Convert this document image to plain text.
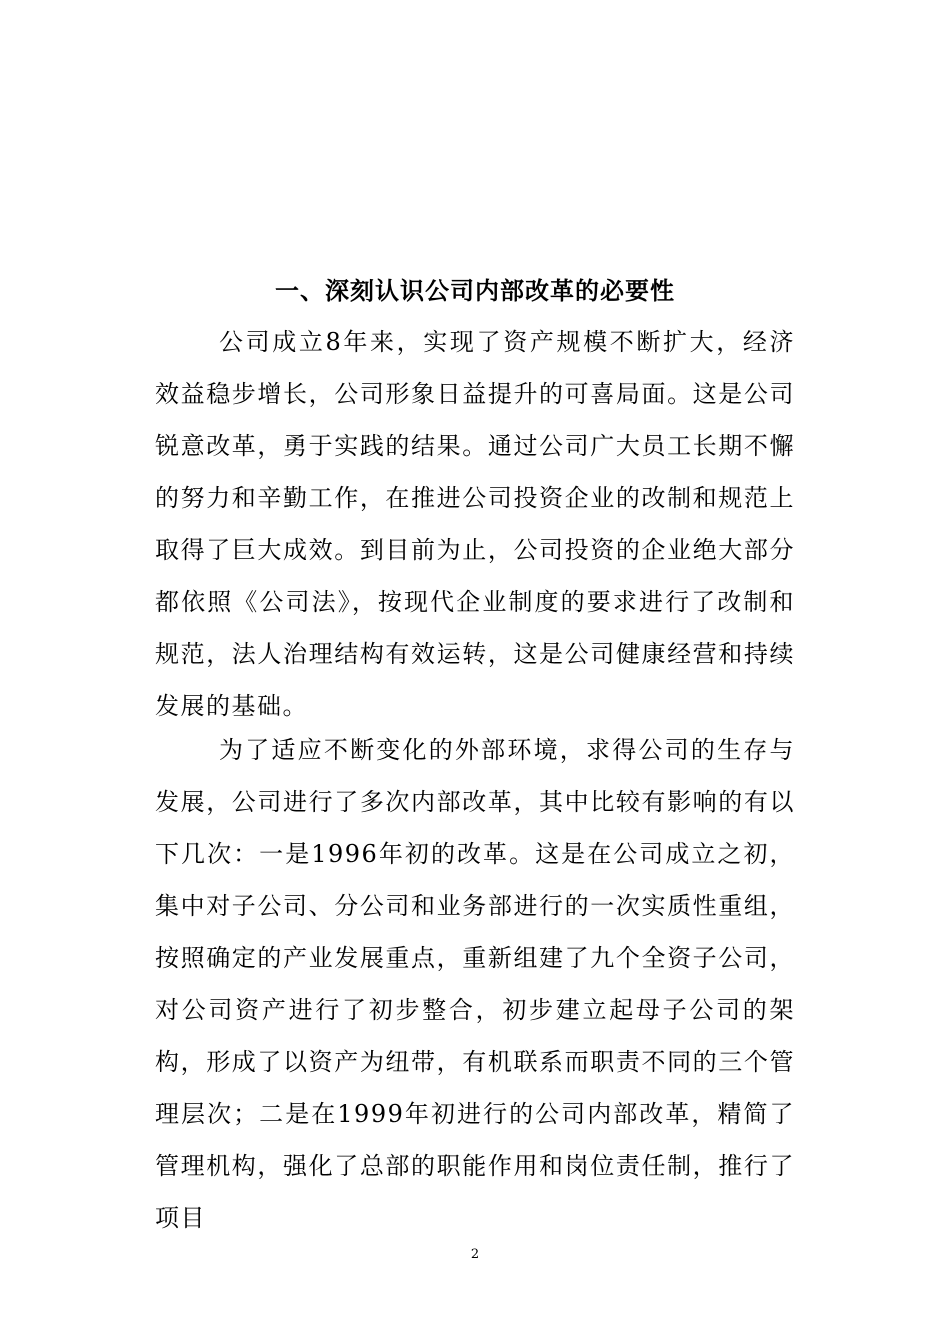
一、深刻认识公司内部改革的必要性

公司成立8年来，实现了资产规模不断扩大，经济效益稳步增长，公司形象日益提升的可喜局面。这是公司锐意改革，勇于实践的结果。通过公司广大员工长期不懈的努力和辛勤工作，在推进公司投资企业的改制和规范上取得了巨大成效。到目前为止，公司投资的企业绝大部分都依照《公司法》，按现代企业制度的要求进行了改制和规范，法人治理结构有效运转，这是公司健康经营和持续发展的基础。

为了适应不断变化的外部环境，求得公司的生存与发展，公司进行了多次内部改革，其中比较有影响的有以下几次：一是1996年初的改革。这是在公司成立之初，集中对子公司、分公司和业务部进行的一次实质性重组，按照确定的产业发展重点，重新组建了九个全资子公司，对公司资产进行了初步整合，初步建立起母子公司的架构，形成了以资产为纽带，有机联系而职责不同的三个管理层次；二是在1999年初进行的公司内部改革，精简了管理机构，强化了总部的职能作用和岗位责任制，推行了项目

2
